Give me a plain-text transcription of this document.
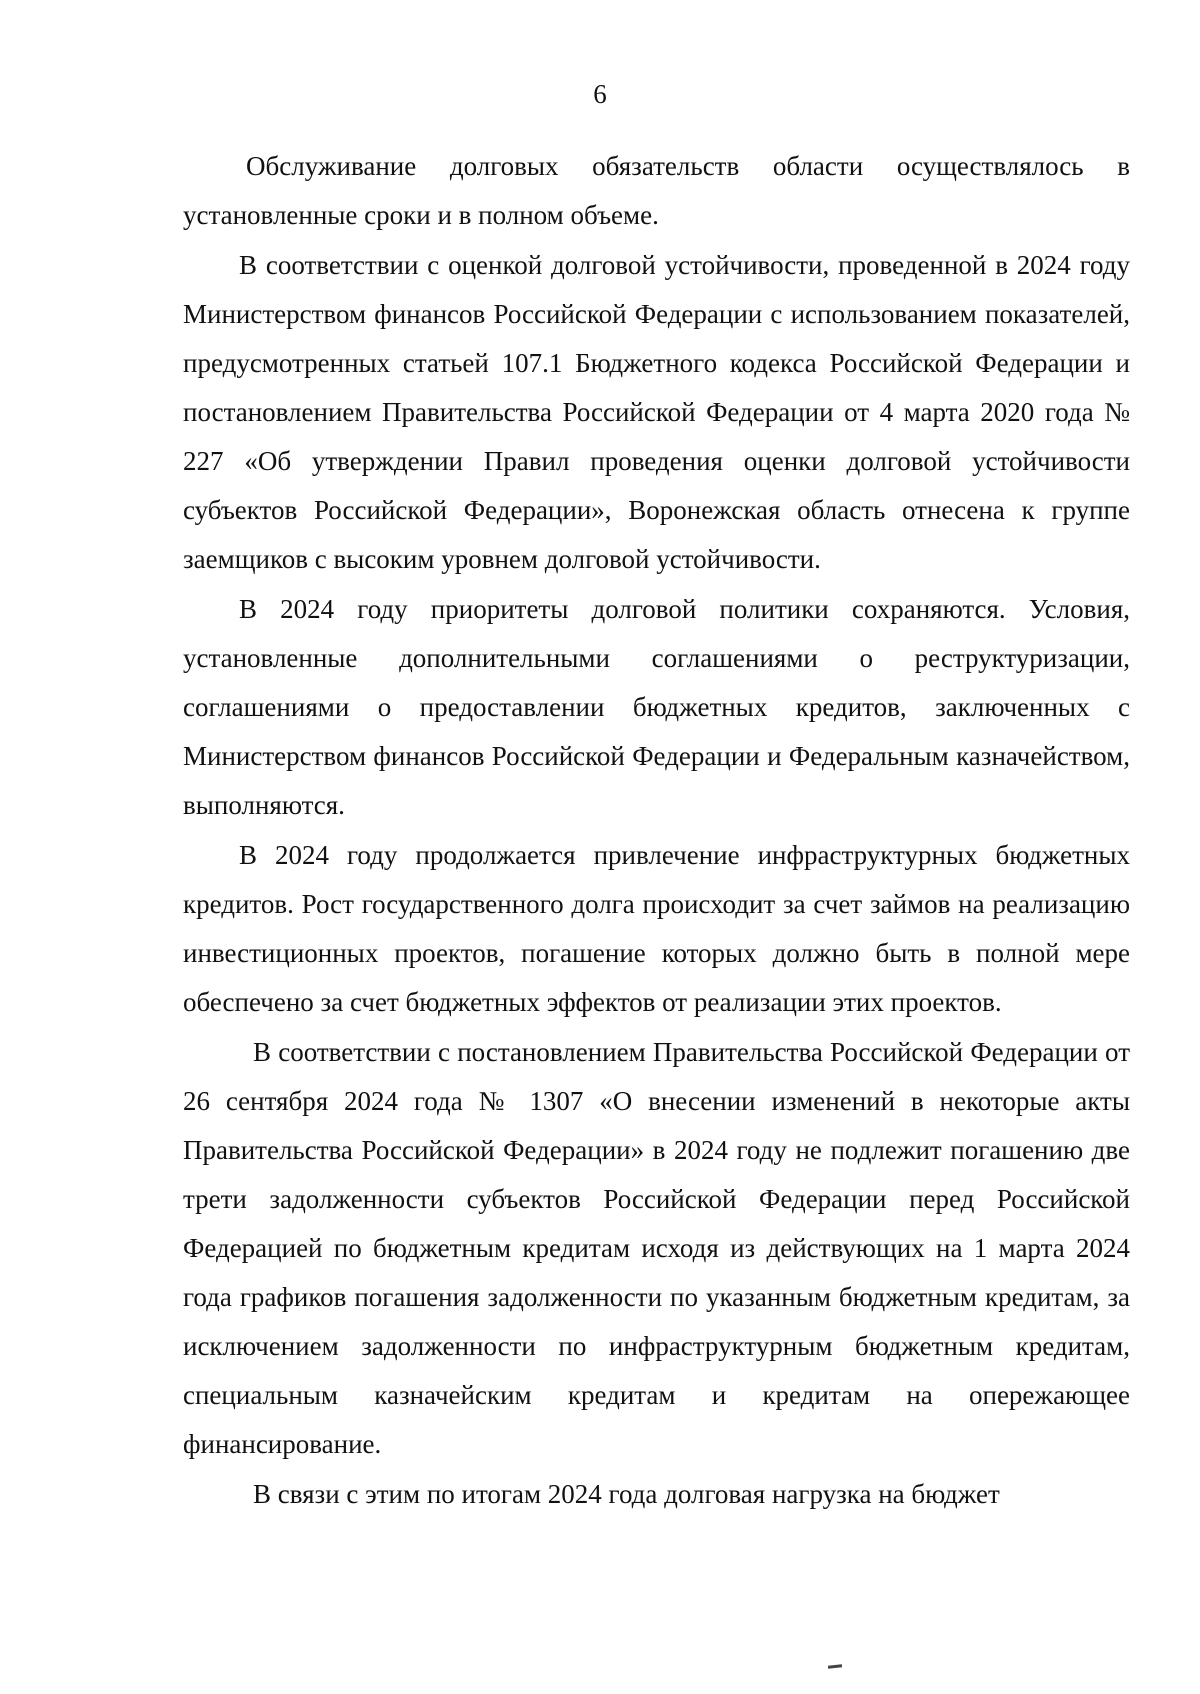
6

Обслуживание долговых обязательств области осуществлялось в установленные сроки и в полном объеме.

В соответствии с оценкой долговой устойчивости, проведенной в 2024 году Министерством финансов Российской Федерации с использованием показателей, предусмотренных статьей 107.1 Бюджетного кодекса Российской Федерации и постановлением Правительства Российской Федерации от 4 марта 2020 года № 227 «Об утверждении Правил проведения оценки долговой устойчивости субъектов Российской Федерации», Воронежская область отнесена к группе заемщиков с высоким уровнем долговой устойчивости.

В 2024 году приоритеты долговой политики сохраняются. Условия, установленные дополнительными соглашениями о реструктуризации, соглашениями о предоставлении бюджетных кредитов, заключенных с Министерством финансов Российской Федерации и Федеральным казначейством, выполняются.

В 2024 году продолжается привлечение инфраструктурных бюджетных кредитов. Рост государственного долга происходит за счет займов на реализацию инвестиционных проектов, погашение которых должно быть в полной мере обеспечено за счет бюджетных эффектов от реализации этих проектов.

В соответствии с постановлением Правительства Российской Федерации от 26 сентября 2024 года № 1307 «О внесении изменений в некоторые акты Правительства Российской Федерации» в 2024 году не подлежит погашению две трети задолженности субъектов Российской Федерации перед Российской Федерацией по бюджетным кредитам исходя из действующих на 1 марта 2024 года графиков погашения задолженности по указанным бюджетным кредитам, за исключением задолженности по инфраструктурным бюджетным кредитам, специальным казначейским кредитам и кредитам на опережающее финансирование.

В связи с этим по итогам 2024 года долговая нагрузка на бюджет
